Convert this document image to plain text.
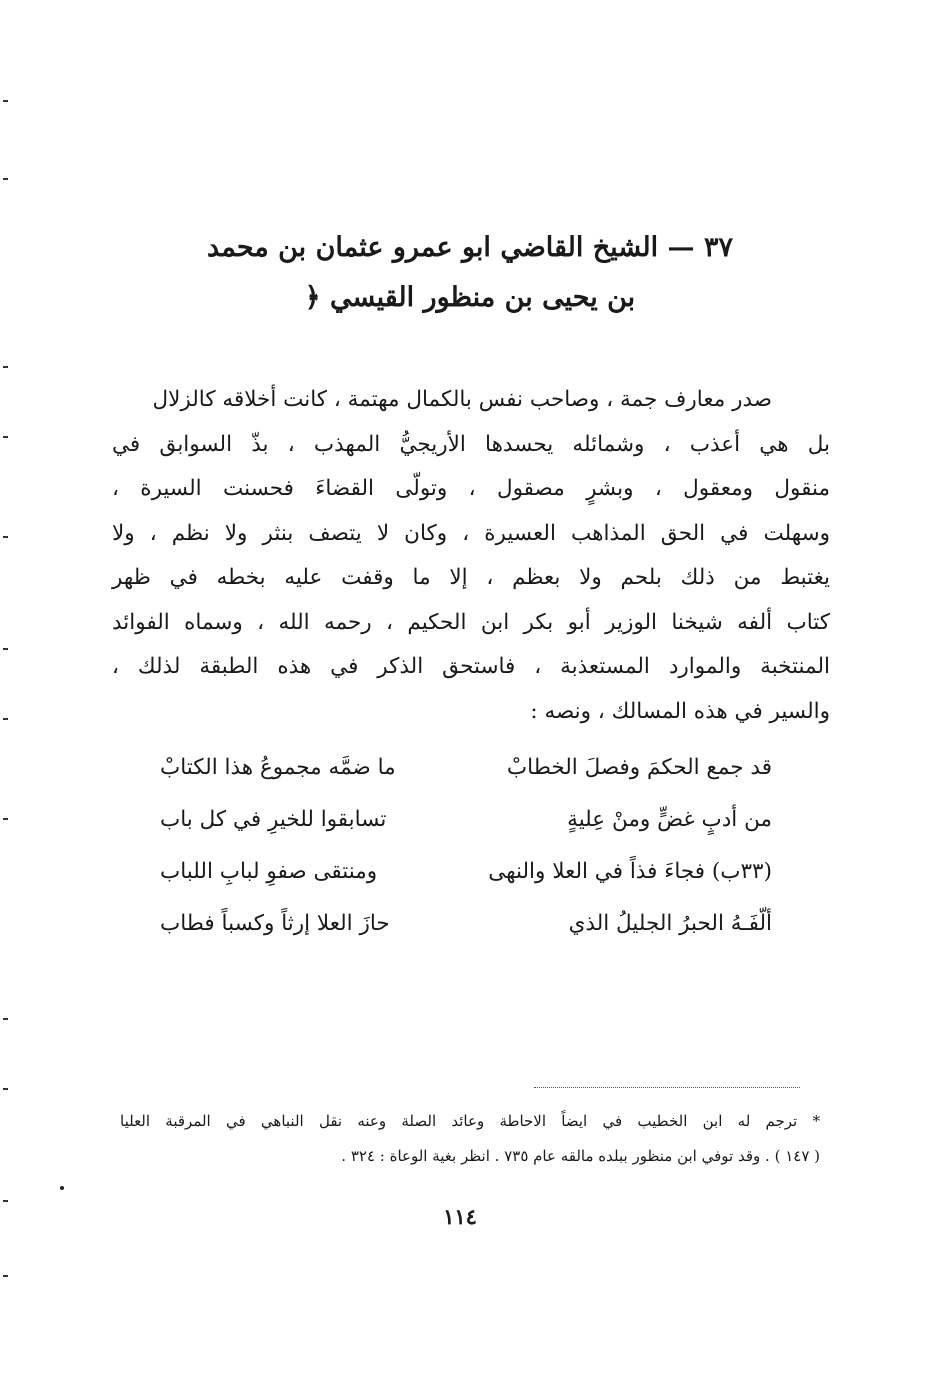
٣٧ — الشيخ القاضي ابو عمرو عثمان بن محمد
بن يحيى بن منظور القيسي ﴿
صدر معارف جمة ، وصاحب نفس بالكمال مهتمة ، كانت أخلاقه كالزلال
بل هي أعذب ، وشمائله يحسدها الأريجيُّ المهذب ، بذّ السوابق في
منقول ومعقول ، وبشرٍ مصقول ، وتولّى القضاءَ فحسنت السيرة ،
وسهلت في الحق المذاهب العسيرة ، وكان لا يتصف بنثر ولا نظم ، ولا
يغتبط من ذلك بلحم ولا بعظم ، إلا ما وقفت عليه بخطه في ظهر
كتاب ألفه شيخنا الوزير أبو بكر ابن الحكيم ، رحمه الله ، وسماه الفوائد
المنتخبة والموارد المستعذبة ، فاستحق الذكر في هذه الطبقة لذلك ،
والسير في هذه المسالك ، ونصه :
قد جمع الحكمَ وفصلَ الخطابْ
ما ضمَّه مجموعُ هذا الكتابْ
من أدبٍ غضٍّ ومنْ عِليةٍ
تسابقوا للخيرِ في كل باب
(٣٣ب) فجاءَ فذاً في العلا والنهى
ومنتقى صفوِ لبابِ اللباب
ألّفَـهُ الحبرُ الجليلُ الذي
حازَ العلا إرثاً وكسباً فطاب
* ترجم له ابن الخطيب في ايضاً الاحاطة وعائد الصلة وعنه نقل النباهي في المرقبة العليا
( ١٤٧ ) . وقد توفي ابن منظور ببلده مالقه عام ٧٣٥ . انظر بغية الوعاة : ٣٢٤ .
١١٤
